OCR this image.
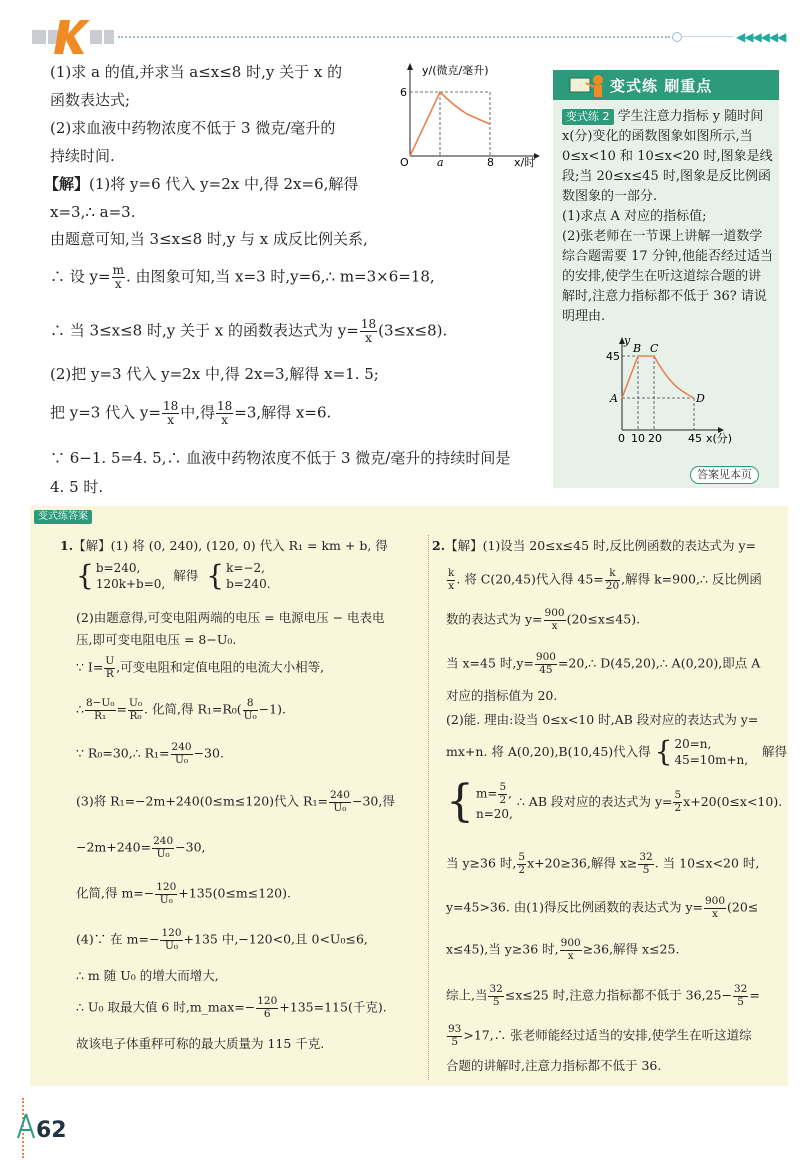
◀◀◀◀◀◀
(1)求 a 的值,并求当 a≤x≤8 时,y 关于 x 的
函数表达式;
(2)求血液中药物浓度不低于 3 微克/毫升的
持续时间.
【解】(1)将 y=6 代入 y=2x 中,得 2x=6,解得
x=3,∴ a=3.
由题意可知,当 3≤x≤8 时,y 与 x 成反比例关系,
∴ 设 $y= \frac{m}{x}$ . 由图象可知,当 x=3 时,y=6,∴ m=3×6=18,
∴ 当 3≤x≤8 时,y 关于 x 的函数表达式为 $y= \frac{18}{x} (3\le x\le 8)$.
(2)把 y=3 代入 y=2x 中,得 2x=3,解得 x=1. 5;
把 y=3 代入 $y= \frac{18}{x}$ 中,得 $\frac{18}{x} =3$,解得 x=6.
∵ 6−1. 5=4. 5,∴ 血液中药物浓度不低于 3 微克/毫升的持续时间是
4. 5 时.
y/(微克/毫升)
x/时
6
O	a	8
变式练 刷重点
变式练 2 学生注意力指标 y 随时间
x(分)变化的函数图象如图所示,当
0≤x<10 和 10≤x<20 时,图象是线
段;当 20≤x≤45 时,图象是反比例函
数图象的一部分.
(1)求点 A 对应的指标值;
(2)张老师在一节课上讲解一道数学
综合题需要 17 分钟,他能否经过适当
的安排,使学生在听这道综合题的讲
解时,注意力指标都不低于 36? 请说
明理由.
y
45
A
B C
D
0 10 20 45 x(分)
答案见本页
变式练答案
1.【解】(1) 将 (0, 240), (120, 0) 代入 R₁ = km + b, 得
{ b=240,
120k+b=0,
解得 { k=−2,
b=240.
(2)由题意得,可变电阻两端的电压 = 电源电压 − 电表电
压,即可变电阻电压 = 8−U₀.
∵ $I= \frac{U}{R}$ ,可变电阻和定值电阻的电流大小相等,
∴ $\frac{\text{8−U₀}}{\text{R₁}} = \frac{\text{U₀}}{\text{R₀}}$ . 化简,得 $R_1=R_0( \frac{8}{\text{U₀}} -1)$.
∵ R₀=30,∴ $R_1= \frac{240}{\text{U₀}} -30$.
(3)将 R₁=−2m+240(0≤m≤120)代入 $R_1= \frac{240}{\text{U₀}} -30$,得
$-2m+240= \frac{240}{\text{U₀}} -30$,
化简,得 $m=- \frac{120}{\text{U₀}} +135(0\le m\le 120)$.
(4)∵ 在 $m=- \frac{120}{\text{U₀}} +135$ 中,−120<0,且 0<U₀≤6,
∴ m 随 U₀ 的增大而增大,
∴ U₀ 取最大值 6 时,m_max=− $\frac{120}{6} +135=115$(千克).
故该电子体重秤可称的最大质量为 115 千克.
2.【解】(1)设当 20≤x≤45 时,反比例函数的表达式为 y=
$\frac{k}{x}$ . 将 C(20,45)代入得 $45= \frac{k}{20}$ ,解得 k=900,∴ 反比例函
数的表达式为 $y= \frac{900}{x} (20\le x\le 45)$.
当 x=45 时$,y= \frac{900}{45}$ =20,∴ D(45,20),∴ A(0,20),即点 A
对应的指标值为 20.
(2)能. 理由:设当 0≤x<10 时,AB 段对应的表达式为 y=
mx+n. 将 A(0,20),B(10,45)代入得 { 20=n,
45=10m+n,
解得
{ $m= \frac{5}{2}$ ,
n=20,
∴ AB 段对应的表达式为 $y= \frac{5}{2} x+20(0\le x<10)$.
当 y≥36 时, $\frac{5}{2} x+20\ge 36$,解得 $x\ge \frac{32}{5}$ . 当 10≤x<20 时,
y=45>36. 由(1)得反比例函数的表达式为 $y= \frac{900}{x} (20\le$
x≤45),当 y≥36 时, $\frac{900}{x} \ge 36$,解得 x≤25.
综上,当 $\frac{32}{5} \le x\le 25$ 时,注意力指标都不低于 $36,25- \frac{32}{5}$ =
$\frac{93}{5}$ >17,∴ 张老师能经过适当的安排,使学生在听这道综
合题的讲解时,注意力指标都不低于 36.
62
